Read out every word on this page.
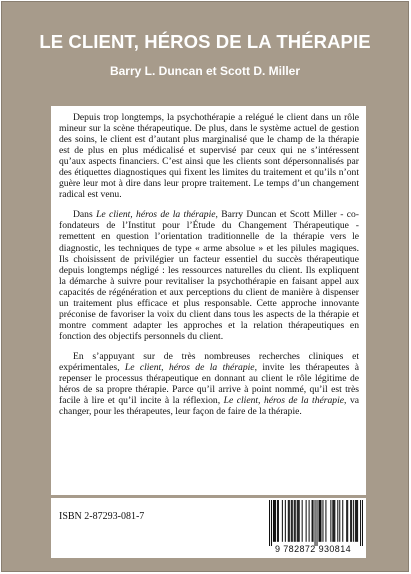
LE CLIENT, HÉROS DE LA THÉRAPIE
Barry L. Duncan et Scott D. Miller

Depuis trop longtemps, la psychothérapie a relégué le client dans un rôle mineur sur la scène thérapeutique. De plus, dans le système actuel de gestion des soins, le client est d’autant plus marginalisé que le champ de la thérapie est de plus en plus médicalisé et supervisé par ceux qui ne s’intéressent qu’aux aspects financiers. C’est ainsi que les clients sont dépersonnalisés par des étiquettes diagnostiques qui fixent les limites du traitement et qu’ils n’ont guère leur mot à dire dans leur propre traitement. Le temps d’un changement radical est venu.

Dans Le client, héros de la thérapie, Barry Duncan et Scott Miller - co-fondateurs de l’Institut pour l’Étude du Changement Thérapeutique - remettent en question l’orientation traditionnelle de la thérapie vers le diagnostic, les techniques de type « arme absolue » et les pilules magiques. Ils choisissent de privilégier un facteur essentiel du succès thérapeutique depuis longtemps négligé : les ressources naturelles du client. Ils expliquent la démarche à suivre pour revitaliser la psychothérapie en faisant appel aux capacités de régénération et aux perceptions du client de manière à dispenser un traitement plus efficace et plus responsable. Cette approche innovante préconise de favoriser la voix du client dans tous les aspects de la thérapie et montre comment adapter les approches et la relation thérapeutiques en fonction des objectifs personnels du client.

En s’appuyant sur de très nombreuses recherches cliniques et expérimentales, Le client, héros de la thérapie, invite les thérapeutes à repenser le processus thérapeutique en donnant au client le rôle légitime de héros de sa propre thérapie. Parce qu’il arrive à point nommé, qu’il est très facile à lire et qu’il incite à la réflexion, Le client, héros de la thérapie, va changer, pour les thérapeutes, leur façon de faire de la thérapie.

ISBN 2-87293-081-7
9 782872 930814
